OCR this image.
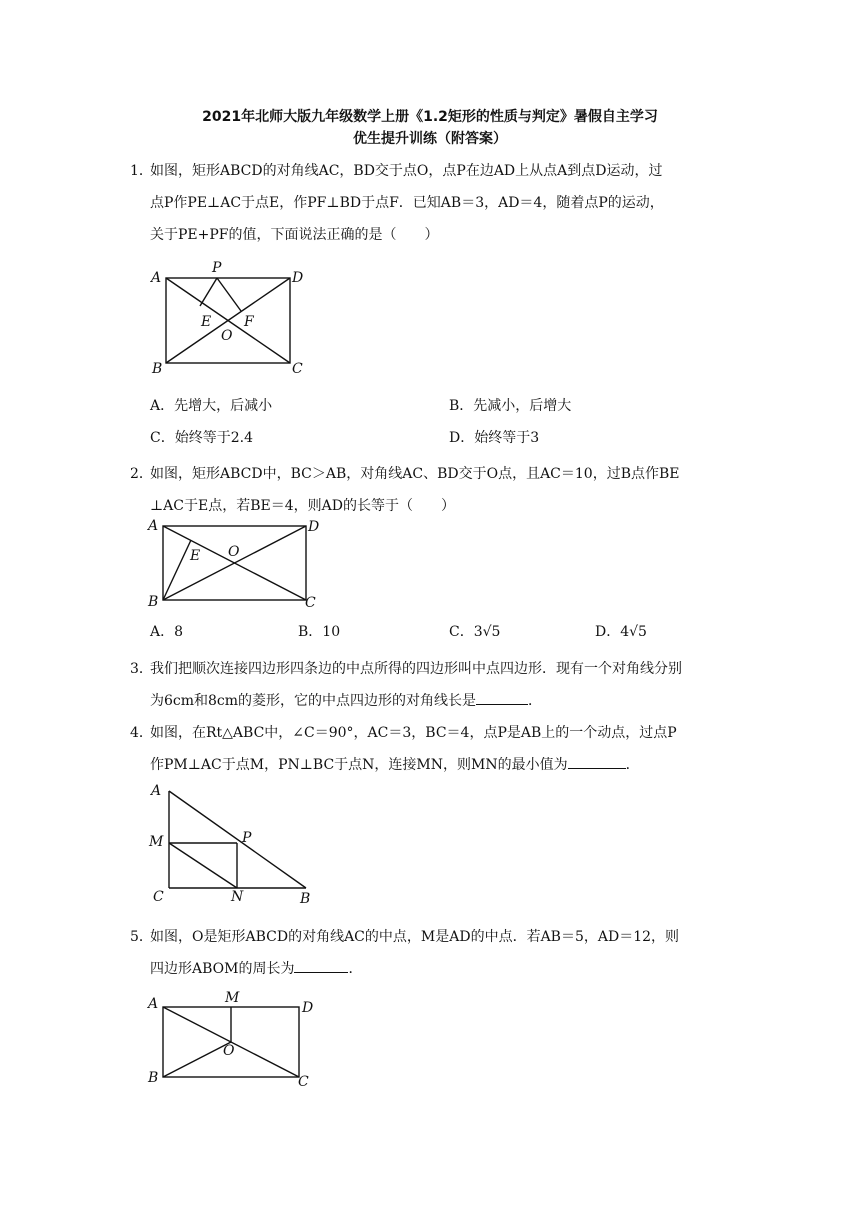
2021年北师大版九年级数学上册《1.2矩形的性质与判定》暑假自主学习
优生提升训练（附答案）
1．
如图，矩形ABCD的对角线AC，BD交于点O，点P在边AD上从点A到点D运动，过
点P作PE⊥AC于点E，作PF⊥BD于点F．已知AB＝3，AD＝4，随着点P的运动，
关于PE+PF的值，下面说法正确的是（　　）
A
P
D
E F
O
B	C
A．先增大，后减小	B．先减小，后增大
C．始终等于2.4	D．始终等于3
2．
如图，矩形ABCD中，BC＞AB，对角线AC、BD交于O点，且AC＝10，过B点作BE
⊥AC于E点，若BE＝4，则AD的长等于（　　）
A	D
E O
B	C
A．8	B．10	C．3√5	D．4√5
3．
我们把顺次连接四边形四条边的中点所得的四边形叫中点四边形．现有一个对角线分别
为6cm和8cm的菱形，它的中点四边形的对角线长是	．
4．
如图，在Rt△ABC中，∠C＝90°，AC＝3，BC＝4，点P是AB上的一个动点，过点P
作PM⊥AC于点M，PN⊥BC于点N，连接MN，则MN的最小值为	．
A
M	P
C	N	B
5．
如图，O是矩形ABCD的对角线AC的中点，M是AD的中点．若AB＝5，AD＝12，则
四边形ABOM的周长为	．
A	M
D
O
B	C
